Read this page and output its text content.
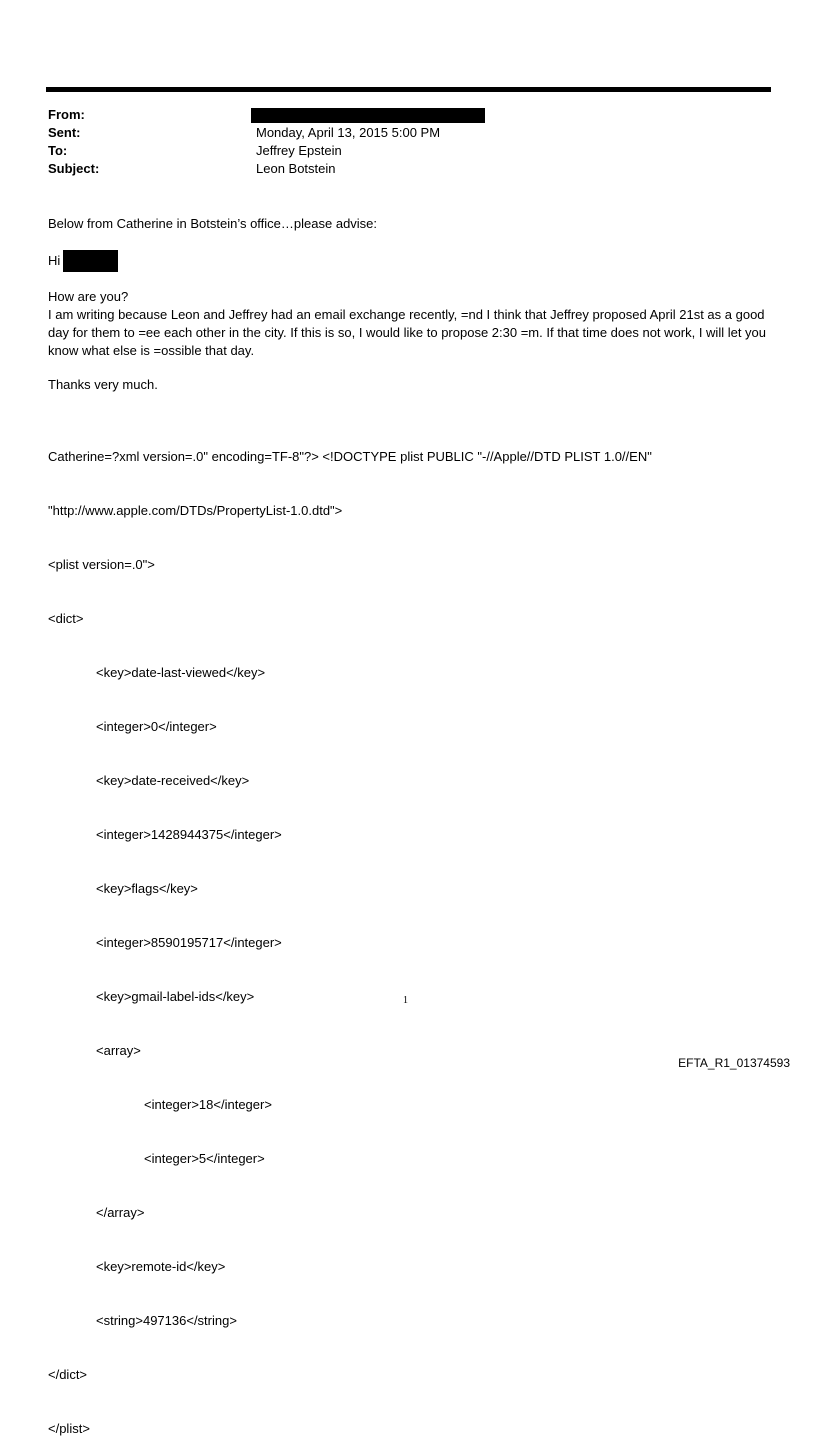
From:
Sent:	Monday, April 13, 2015 5:00 PM
To:	Jeffrey Epstein
Subject:	Leon Botstein

Below from Catherine in Botstein’s office…please advise:

Hi

How are you?

I am writing because Leon and Jeffrey had an email exchange recently, =nd I think that Jeffrey proposed April 21st as a good day for them to =ee each other in the city. If this is so, I would like to propose 2:30 =m. If that time does not work, I will let you know what else is =ossible that day.

Thanks very much.

Catherine=?xml version=.0" encoding=TF-8"?> <!DOCTYPE plist PUBLIC "-//Apple//DTD PLIST 1.0//EN"

"http://www.apple.com/DTDs/PropertyList-1.0.dtd">

<plist version=.0">

<dict>

<key>date-last-viewed</key>

<integer>0</integer>

<key>date-received</key>

<integer>1428944375</integer>

<key>flags</key>

<integer>8590195717</integer>

<key>gmail-label-ids</key>

<array>

<integer>18</integer>

<integer>5</integer>

</array>

<key>remote-id</key>

<string>497136</string>

</dict>

</plist>

1
EFTA_R1_01374593
